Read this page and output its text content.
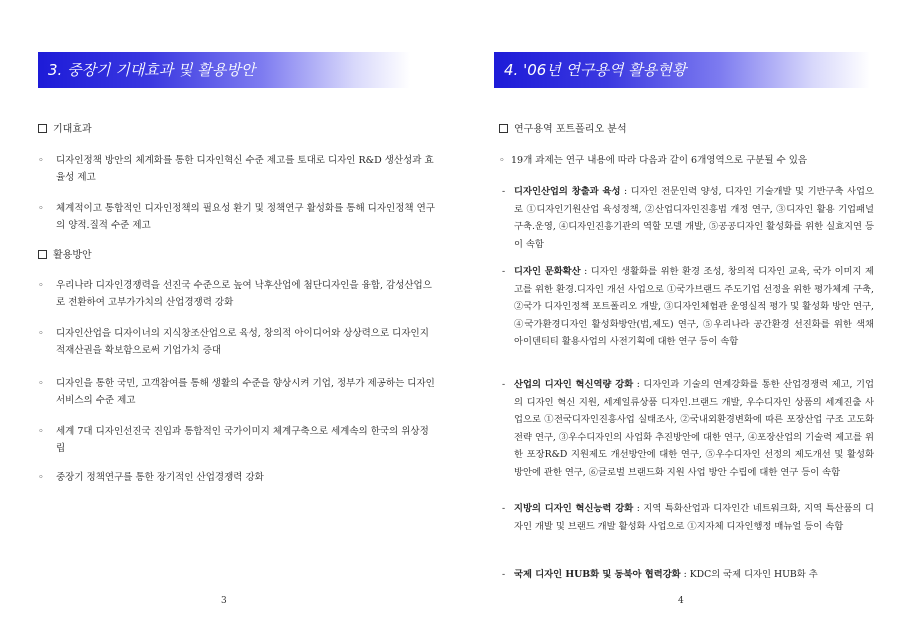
3. 중장기 기대효과 및 활용방안
기대효과
◦ 디자인정책 방안의 체계화를 통한 디자인혁신 수준 제고를 토대로 디자인 R&D 생산성과 효율성 제고
◦ 체계적이고 통합적인 디자인정책의 필요성 환기 및 정책연구 활성화를 통해 디자인정책 연구의 양적.질적 수준 제고
활용방안
◦ 우리나라 디자인경쟁력을 선진국 수준으로 높여 낙후산업에 첨단디자인을 융합, 감성산업으로 전환하여 고부가가치의 산업경쟁력 강화
◦ 디자인산업을 디자이너의 지식창조산업으로 육성, 창의적 아이디어와 상상력으로 디자인지적재산권을 확보함으로써 기업가치 증대
◦ 디자인을 통한 국민, 고객참여를 통해 생활의 수준을 향상시켜 기업, 정부가 제공하는 디자인서비스의 수준 제고
◦ 세계 7대 디자인선진국 진입과 통합적인 국가이미지 체계구축으로 세계속의 한국의 위상정립
◦ 중장기 정책연구를 통한 장기적인 산업경쟁력 강화
3
4. '06년 연구용역 활용현황
연구용역 포트폴리오 분석
◦ 19개 과제는 연구 내용에 따라 다음과 같이 6개영역으로 구분될 수 있음
- 디자인산업의 창출과 육성 : 디자인 전문인력 양성, 디자인 기술개발 및 기반구축 사업으로 ①디자인기원산업 육성정책, ②산업디자인진흥법 개정 연구, ③디자인 활용 기업패널 구축.운영, ④디자인진흥기관의 역할 모델 개발, ⑤공공디자인 활성화를 위한 실효지연 등이 속함
- 디자인 문화확산 : 디자인 생활화를 위한 환경 조성, 창의적 디자인 교육, 국가 이미지 제고를 위한 환경.디자인 개선 사업으로 ①국가브랜드 주도기업 선정을 위한 평가체계 구축, ②국가 디자인정책 포트폴리오 개발, ③디자인체험관 운영실적 평가 및 활성화 방안 연구, ④국가환경디자인 활성화방안(법,제도) 연구, ⑤우리나라 공간환경 선진화를 위한 색채 아이덴티티 활용사업의 사전기획에 대한 연구 등이 속함
- 산업의 디자인 혁신역량 강화 : 디자인과 기술의 연계강화를 통한 산업경쟁력 제고, 기업의 디자인 혁신 지원, 세계일류상품 디자인.브랜드 개발, 우수디자인 상품의 세계진출 사업으로 ①전국디자인진흥사업 실태조사, ②국내외환경변화에 따른 포장산업 구조 고도화 전략 연구, ③우수디자인의 사업화 추진방안에 대한 연구, ④포장산업의 기술력 제고를 위한 포장R&D 지원제도 개선방안에 대한 연구, ⑤우수디자인 선정의 제도개선 및 활성화 방안에 관한 연구, ⑥글로벌 브랜드화 지원 사업 방안 수립에 대한 연구 등이 속함
- 지방의 디자인 혁신능력 강화 : 지역 특화산업과 디자인간 네트워크화, 지역 특산품의 디자인 개발 및 브랜드 개발 활성화 사업으로 ①지자체 디자인행정 매뉴얼 등이 속함
- 국제 디자인 HUB화 및 동북아 협력강화 : KDC의 국제 디자인 HUB화 추
4
